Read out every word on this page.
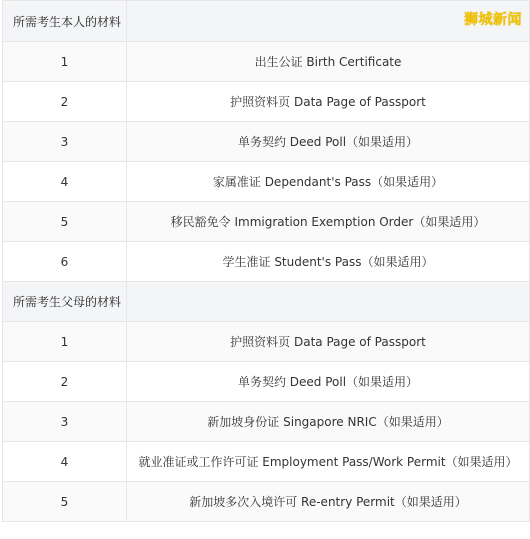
所需考生本人的材料
1	出生公证 Birth Certificate
2	护照资料页 Data Page of Passport
3	单务契约 Deed Poll（如果适用）
4	家属准证 Dependant's Pass（如果适用）
5	移民豁免令 Immigration Exemption Order（如果适用）
6	学生准证 Student's Pass（如果适用）
所需考生父母的材料
1	护照资料页 Data Page of Passport
2	单务契约 Deed Poll（如果适用）
3	新加坡身份证 Singapore NRIC（如果适用）
4	就业准证或工作许可证 Employment Pass/Work Permit（如果适用）
5	新加坡多次入境许可 Re-entry Permit（如果适用）
狮城新闻
